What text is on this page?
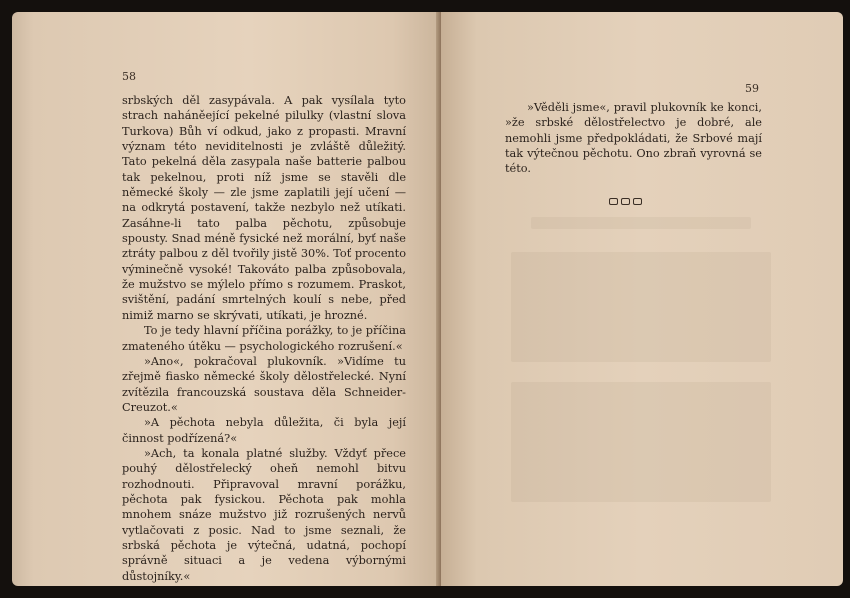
58

srbských děl zasypávala. A pak vysílala tyto strach naháněející pekelné pilulky (vlastní slova Turkova) Bůh ví odkud, jako z propasti. Mravní význam této neviditelnosti je zvláště důležitý. Tato pekelná děla zasypala naše batterie palbou tak pekelnou, proti níž jsme se stavěli dle německé školy — zle jsme zaplatili její učení — na odkrytá postavení, takže nezbylo než utíkati. Zasáhne-li tato palba pěchotu, způsobuje spousty. Snad méně fysické než morální, byť naše ztráty palbou z děl tvořily jistě 30%. Toť procento výminečně vysoké! Takováto palba způsobovala, že mužstvo se mýlelo přímo s rozumem. Praskot, svištění, padání smrtelných koulí s nebe, před nimiž marno se skrývati, utíkati, je hrozné.

To je tedy hlavní příčina porážky, to je příčina zmateného útěku — psychologického rozrušení.«

»Ano«, pokračoval plukovník. »Vidíme tu zřejmě fiasko německé školy dělostřelecké. Nyní zvítězila francouzská soustava děla Schneider-Creuzot.«

»A pěchota nebyla důležita, či byla její činnost podřízená?«

»Ach, ta konala platné služby. Vždyť přece pouhý dělostřelecký oheň nemohl bitvu rozhodnouti. Připravoval mravní porážku, pěchota pak fysickou. Pěchota pak mohla mnohem snáze mužstvo již rozrušených nervů vytlačovati z posic. Nad to jsme seznali, že srbská pěchota je výtečná, udatná, pochopí správně situaci a je vedena výbornými důstojníky.«

59

»Věděli jsme«, pravil plukovník ke konci, »že srbské dělostřelectvo je dobré, ale nemohli jsme předpokládati, že Srbové mají tak výtečnou pěchotu. Ono zbraň vyrovná se této.
